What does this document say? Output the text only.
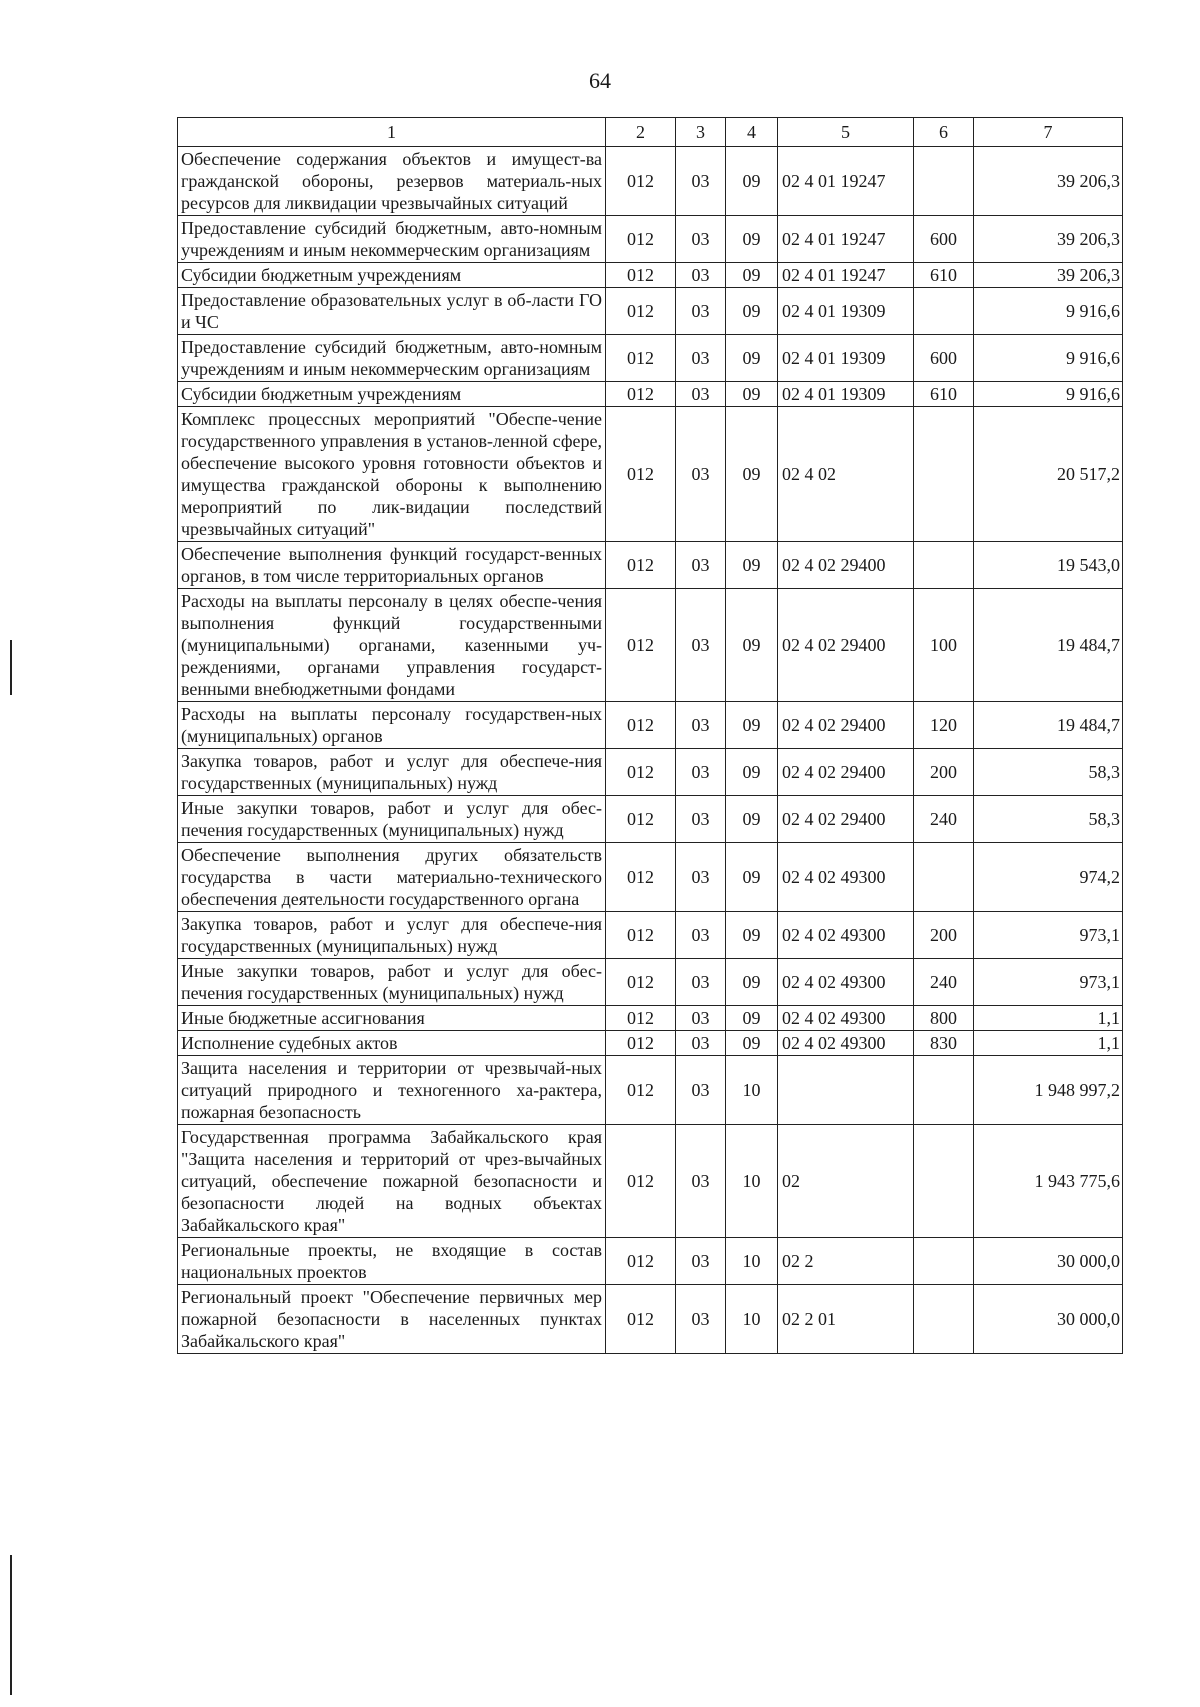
64
1	2	3	4	5	6	7
Обеспечение содержания объектов и имущест-ва гражданской обороны, резервов материаль-ных ресурсов для ликвидации чрезвычайных ситуаций	012	03	09	02 4 01 19247		39 206,3
Предоставление субсидий бюджетным, авто-номным учреждениям и иным некоммерческим организациям	012	03	09	02 4 01 19247	600	39 206,3
Субсидии бюджетным учреждениям	012	03	09	02 4 01 19247	610	39 206,3
Предоставление образовательных услуг в об-ласти ГО и ЧС	012	03	09	02 4 01 19309		9 916,6
Предоставление субсидий бюджетным, авто-номным учреждениям и иным некоммерческим организациям	012	03	09	02 4 01 19309	600	9 916,6
Субсидии бюджетным учреждениям	012	03	09	02 4 01 19309	610	9 916,6
Комплекс процессных мероприятий "Обеспе-чение государственного управления в установ-ленной сфере, обеспечение высокого уровня готовности объектов и имущества гражданской обороны к выполнению мероприятий по лик-видации последствий чрезвычайных ситуаций"	012	03	09	02 4 02		20 517,2
Обеспечение выполнения функций государст-венных органов, в том числе территориальных органов	012	03	09	02 4 02 29400		19 543,0
Расходы на выплаты персоналу в целях обеспе-чения выполнения функций государственными (муниципальными) органами, казенными уч-реждениями, органами управления государст-венными внебюджетными фондами	012	03	09	02 4 02 29400	100	19 484,7
Расходы на выплаты персоналу государствен-ных (муниципальных) органов	012	03	09	02 4 02 29400	120	19 484,7
Закупка товаров, работ и услуг для обеспече-ния государственных (муниципальных) нужд	012	03	09	02 4 02 29400	200	58,3
Иные закупки товаров, работ и услуг для обес-печения государственных (муниципальных) нужд	012	03	09	02 4 02 29400	240	58,3
Обеспечение выполнения других обязательств государства в части материально-технического обеспечения деятельности государственного органа	012	03	09	02 4 02 49300		974,2
Закупка товаров, работ и услуг для обеспече-ния государственных (муниципальных) нужд	012	03	09	02 4 02 49300	200	973,1
Иные закупки товаров, работ и услуг для обес-печения государственных (муниципальных) нужд	012	03	09	02 4 02 49300	240	973,1
Иные бюджетные ассигнования	012	03	09	02 4 02 49300	800	1,1
Исполнение судебных актов	012	03	09	02 4 02 49300	830	1,1
Защита населения и территории от чрезвычай-ных ситуаций природного и техногенного ха-рактера, пожарная безопасность	012	03	10			1 948 997,2
Государственная программа Забайкальского края "Защита населения и территорий от чрез-вычайных ситуаций, обеспечение пожарной безопасности и безопасности людей на водных объектах Забайкальского края"	012	03	10	02		1 943 775,6
Региональные проекты, не входящие в состав национальных проектов	012	03	10	02 2		30 000,0
Региональный проект "Обеспечение первичных мер пожарной безопасности в населенных пунктах Забайкальского края"	012	03	10	02 2 01		30 000,0
